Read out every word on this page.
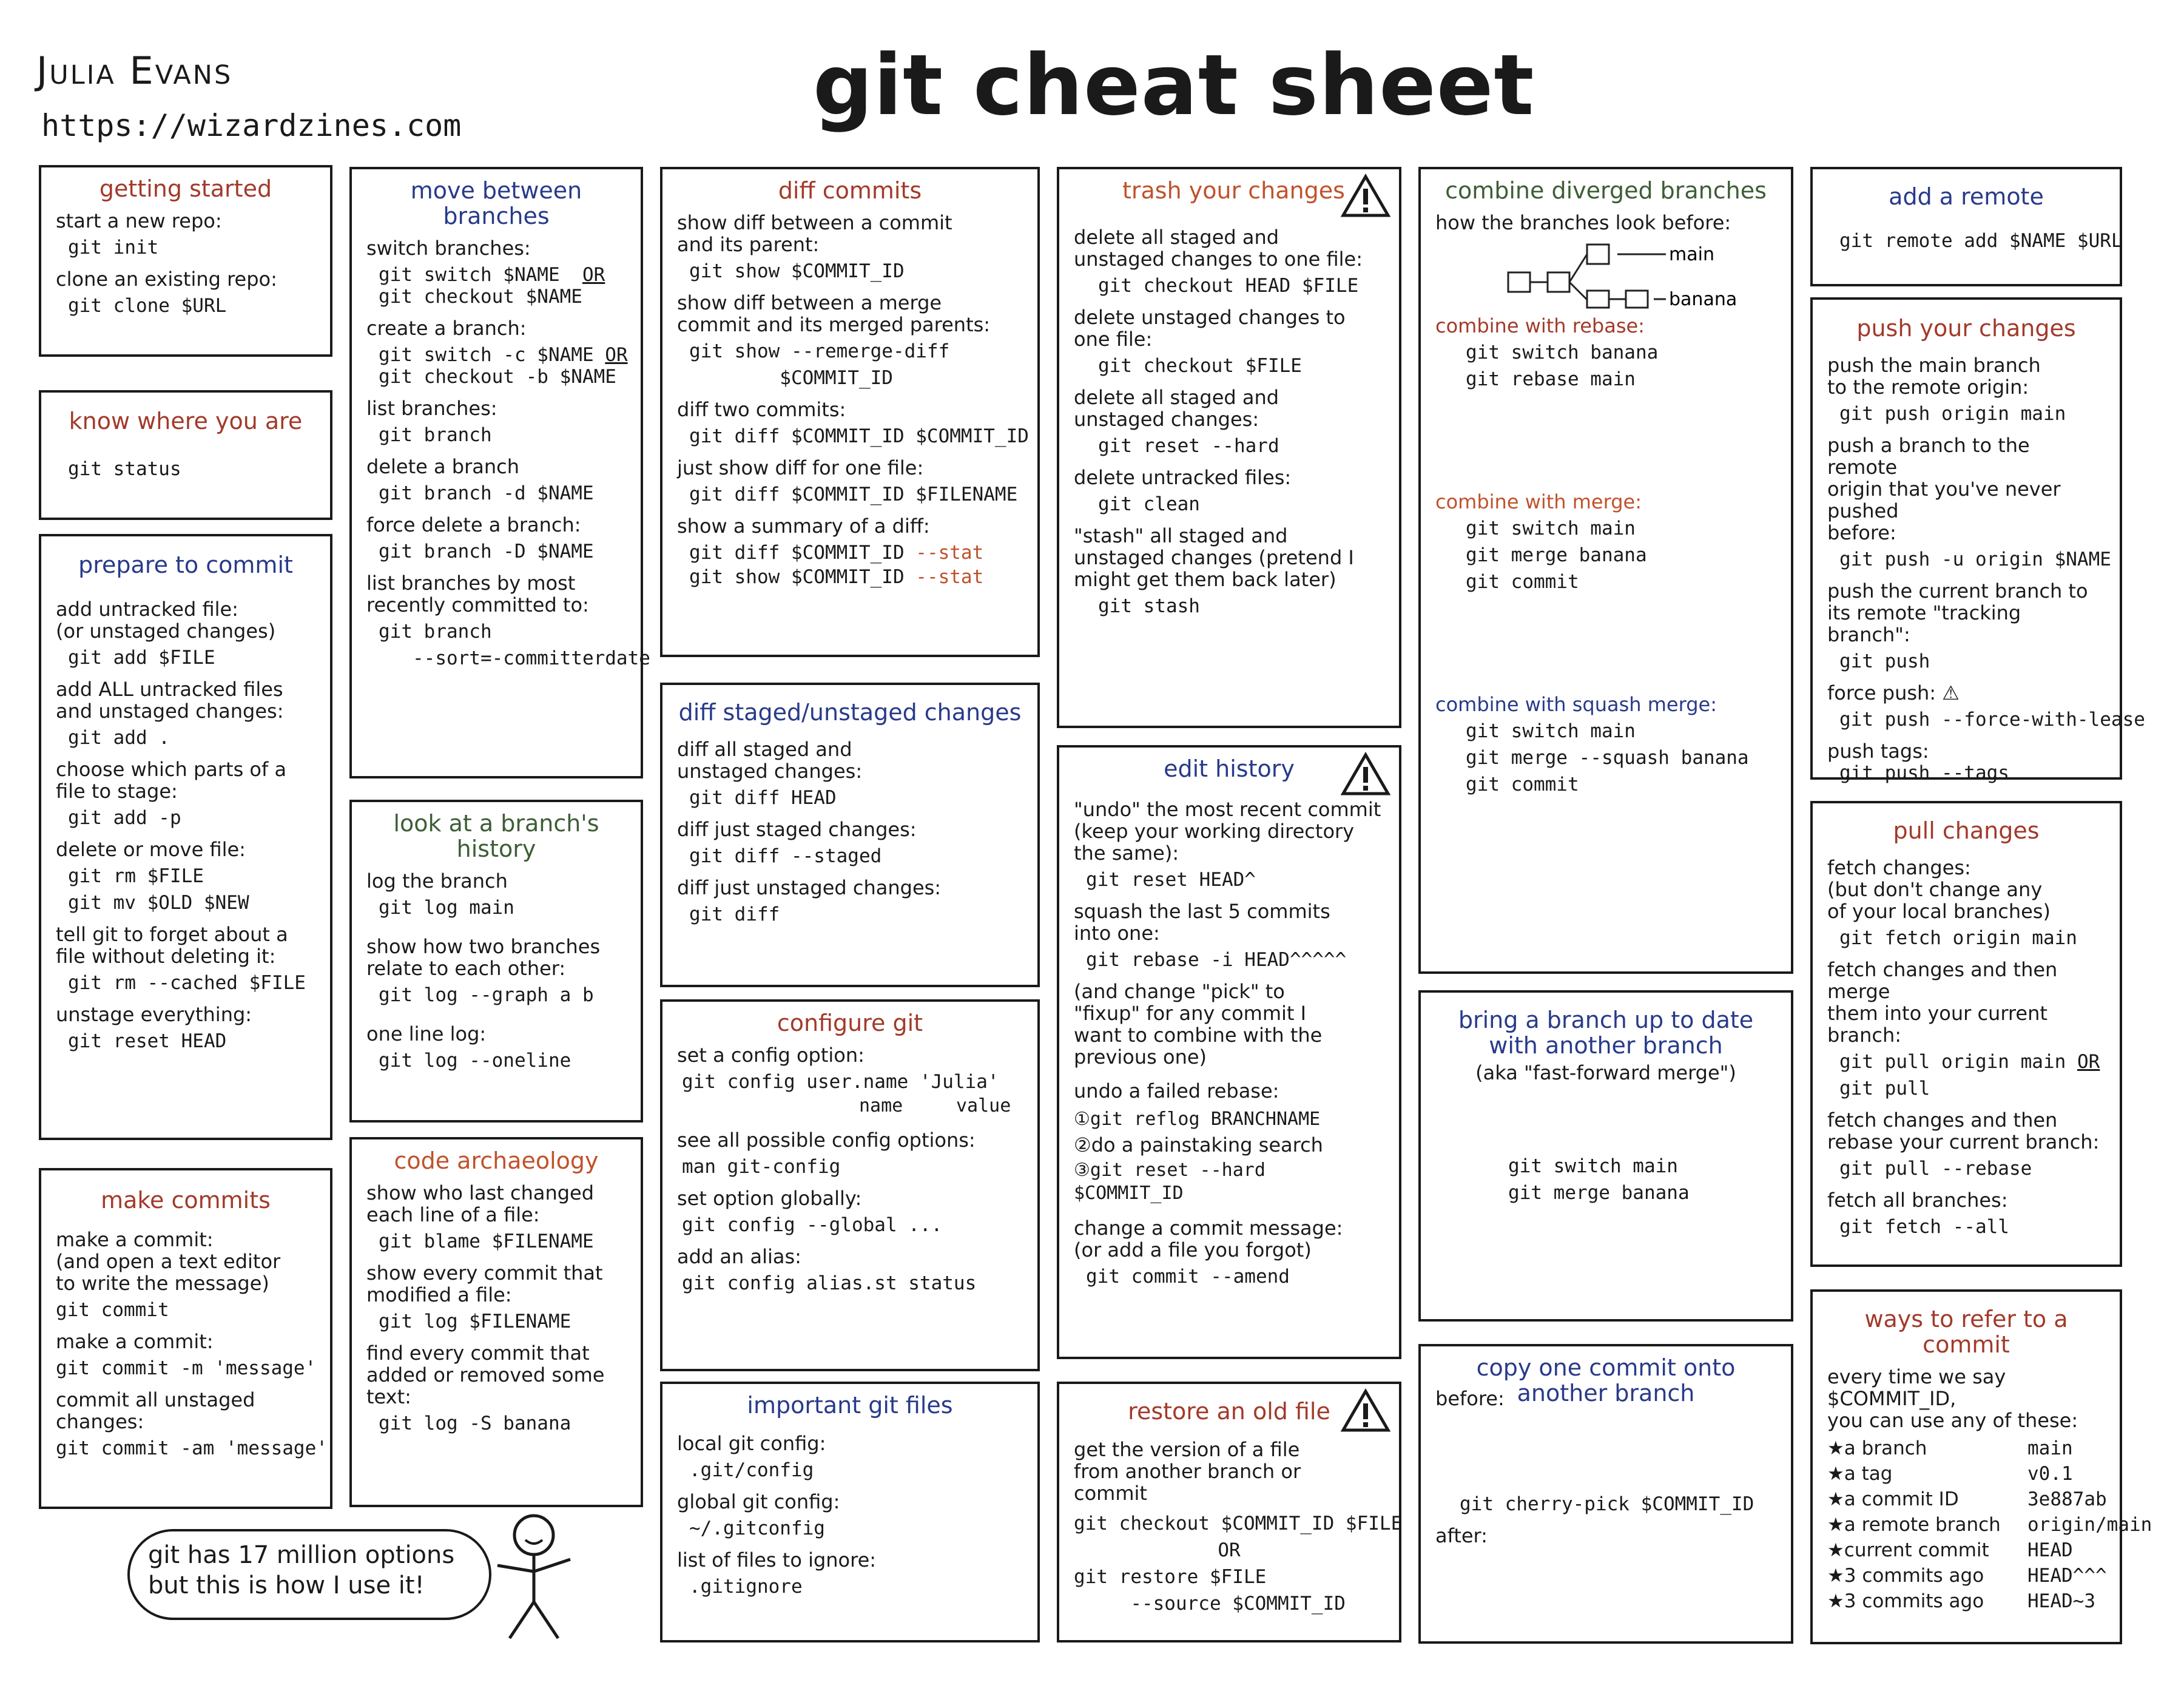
Julia Evans
https://wizardzines.com	git cheat sheet
getting started
start a new repo:
git init
clone an existing repo:
git clone $URL
know where you are
git status
prepare to commit
add untracked file:
(or unstaged changes)
git add $FILE
add ALL untracked files
and unstaged changes:
git add .
choose which parts of a
file to stage:
git add -p
delete or move file:
git rm $FILE
git mv $OLD $NEW
tell git to forget about a
file without deleting it:
git rm --cached $FILE
unstage everything:
git reset HEAD
make commits
make a commit:
(and open a text editor
to write the message)
git commit
make a commit:
git commit -m 'message'
commit all unstaged
changes:
git commit -am 'message'
move between
branches
switch branches:
git switch $NAME OR
git checkout $NAME
create a branch:
git switch -c $NAME OR
git checkout -b $NAME
list branches:
git branch
delete a branch
git branch -d $NAME
force delete a branch:
git branch -D $NAME
list branches by most
recently committed to:
git branch
--sort=-committerdate
look at a branch's
history
log the branch
git log main
show how two branches
relate to each other:
git log --graph a b
one line log:
git log --oneline
code archaeology
show who last changed
each line of a file:
git blame $FILENAME
show every commit that
modified a file:
git log $FILENAME
find every commit that
added or removed some
text:
git log -S banana
diff commits
show diff between a commit
and its parent:
git show $COMMIT_ID
show diff between a merge
commit and its merged parents:
git show --remerge-diff
$COMMIT_ID
diff two commits:
git diff $COMMIT_ID $COMMIT_ID
just show diff for one file:
git diff $COMMIT_ID $FILENAME
show a summary of a diff:
git diff $COMMIT_ID --stat
git show $COMMIT_ID --stat
diff staged/unstaged changes
diff all staged and
unstaged changes:
git diff HEAD
diff just staged changes:
git diff --staged
diff just unstaged changes:
git diff
configure git
set a config option:
git config user.name 'Julia'
name	value
see all possible config options:
man git-config
set option globally:
git config --global ...
add an alias:
git config alias.st status
important git files
local git config:
.git/config
global git config:
~/.gitconfig
list of files to ignore:
.gitignore
trash your changes
delete all staged and
unstaged changes to one file:
git checkout HEAD $FILE
delete unstaged changes to
one file:
git checkout $FILE
delete all staged and
unstaged changes:
git reset --hard
delete untracked files:
git clean
"stash" all staged and
unstaged changes (pretend I
might get them back later)
git stash
edit history
"undo" the most recent commit
(keep your working directory
the same):
git reset HEAD^
squash the last 5 commits
into one:
git rebase -i HEAD^^^^^
(and change "pick" to
"fixup" for any commit I
want to combine with the
previous one)
undo a failed rebase:
①git reflog BRANCHNAME
②do a painstaking search
③git reset --hard $COMMIT_ID
change a commit message:
(or add a file you forgot)
git commit --amend
restore an old file
get the version of a file
from another branch or
commit
git checkout $COMMIT_ID $FILE
OR
git restore $FILE
--source $COMMIT_ID
combine diverged branches
how the branches look before:
main
banana
combine with rebase:
git switch banana
git rebase main
combine with merge:
git switch main
git merge banana
git commit
combine with squash merge:
git switch main
git merge --squash banana
git commit
bring a branch up to date
with another branch
(aka "fast-forward merge")
git switch main
git merge banana
copy one commit onto
another branch
before:
git cherry-pick $COMMIT_ID
after:
add a remote
git remote add $NAME $URL
push your changes
push the main branch
to the remote origin:
git push origin main
push a branch to the remote
origin that you've never pushed
before:
git push -u origin $NAME
push the current branch to
its remote "tracking branch":
git push
force push: ⚠
git push --force-with-lease
push tags:
git push --tags
pull changes
fetch changes:
(but don't change any
of your local branches)
git fetch origin main
fetch changes and then merge
them into your current branch:
git pull origin main OR
git pull
fetch changes and then
rebase your current branch:
git pull --rebase
fetch all branches:
git fetch --all
ways to refer to a commit
every time we say $COMMIT_ID,
you can use any of these:
★ a branch	main
★ a tag	v0.1
★ a commit ID	3e887ab
★ a remote branch	origin/main
★ current commit	HEAD
★ 3 commits ago	HEAD^^^
★ 3 commits ago	HEAD~3
git has 17 million options
but this is how I use it!
